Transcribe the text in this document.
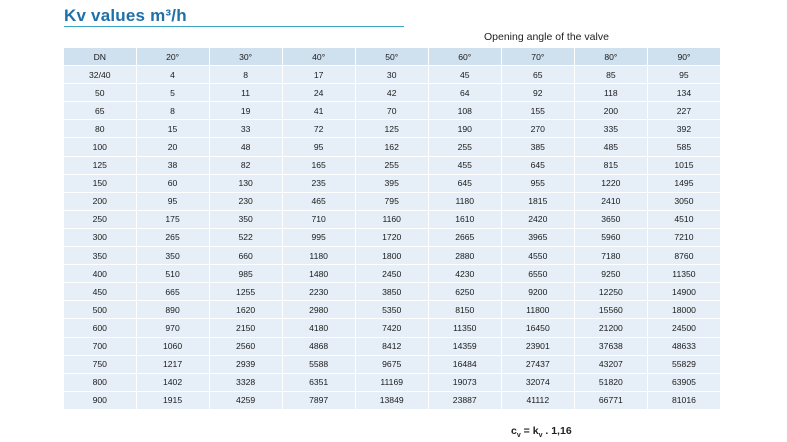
Kv values m³/h
Opening angle of the valve
DN	20°	30°	40°	50°	60°	70°	80°	90°
32/40	4	8	17	30	45	65	85	95
50	5	11	24	42	64	92	118	134
65	8	19	41	70	108	155	200	227
80	15	33	72	125	190	270	335	392
100	20	48	95	162	255	385	485	585
125	38	82	165	255	455	645	815	1015
150	60	130	235	395	645	955	1220	1495
200	95	230	465	795	1180	1815	2410	3050
250	175	350	710	1160	1610	2420	3650	4510
300	265	522	995	1720	2665	3965	5960	7210
350	350	660	1180	1800	2880	4550	7180	8760
400	510	985	1480	2450	4230	6550	9250	11350
450	665	1255	2230	3850	6250	9200	12250	14900
500	890	1620	2980	5350	8150	11800	15560	18000
600	970	2150	4180	7420	11350	16450	21200	24500
700	1060	2560	4868	8412	14359	23901	37638	48633
750	1217	2939	5588	9675	16484	27437	43207	55829
800	1402	3328	6351	11169	19073	32074	51820	63905
900	1915	4259	7897	13849	23887	41112	66771	81016
$c_v = k_v$ . 1,16
